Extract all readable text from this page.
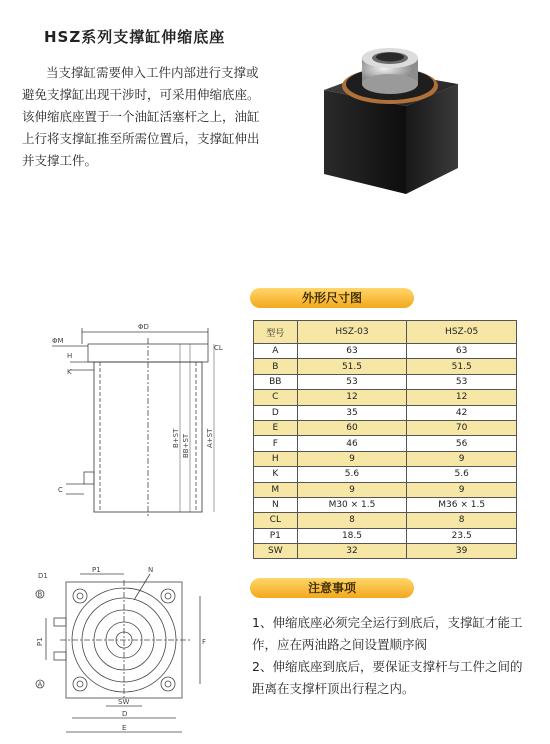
HSZ系列支撑缸伸缩底座

当支撑缸需要伸入工件内部进行支撑或避免支撑缸出现干涉时，可采用伸缩底座。该伸缩底座置于一个油缸活塞杆之上，油缸上行将支撑缸推至所需位置后，支撑缸伸出并支撑工件。

外形尺寸图
ΦD
ΦM
H
K
CL
C
B+ST BB+ST A+ST
D1
P1	N
B
A
P1	F
SW
D
E
型号	HSZ-03	HSZ-05
A	63	63
B	51.5	51.5
BB	53	53
C	12	12
D	35	42
E	60	70
F	46	56
H	9	9
K	5.6	5.6
M	9	9
N	M30 × 1.5	M36 × 1.5
CL	8	8
P1	18.5	23.5
SW	32	39
注意事项

1、伸缩底座必须完全运行到底后，支撑缸才能工作，应在两油路之间设置顺序阀

2、伸缩底座到底后，要保证支撑杆与工件之间的距离在支撑杆顶出行程之内。
